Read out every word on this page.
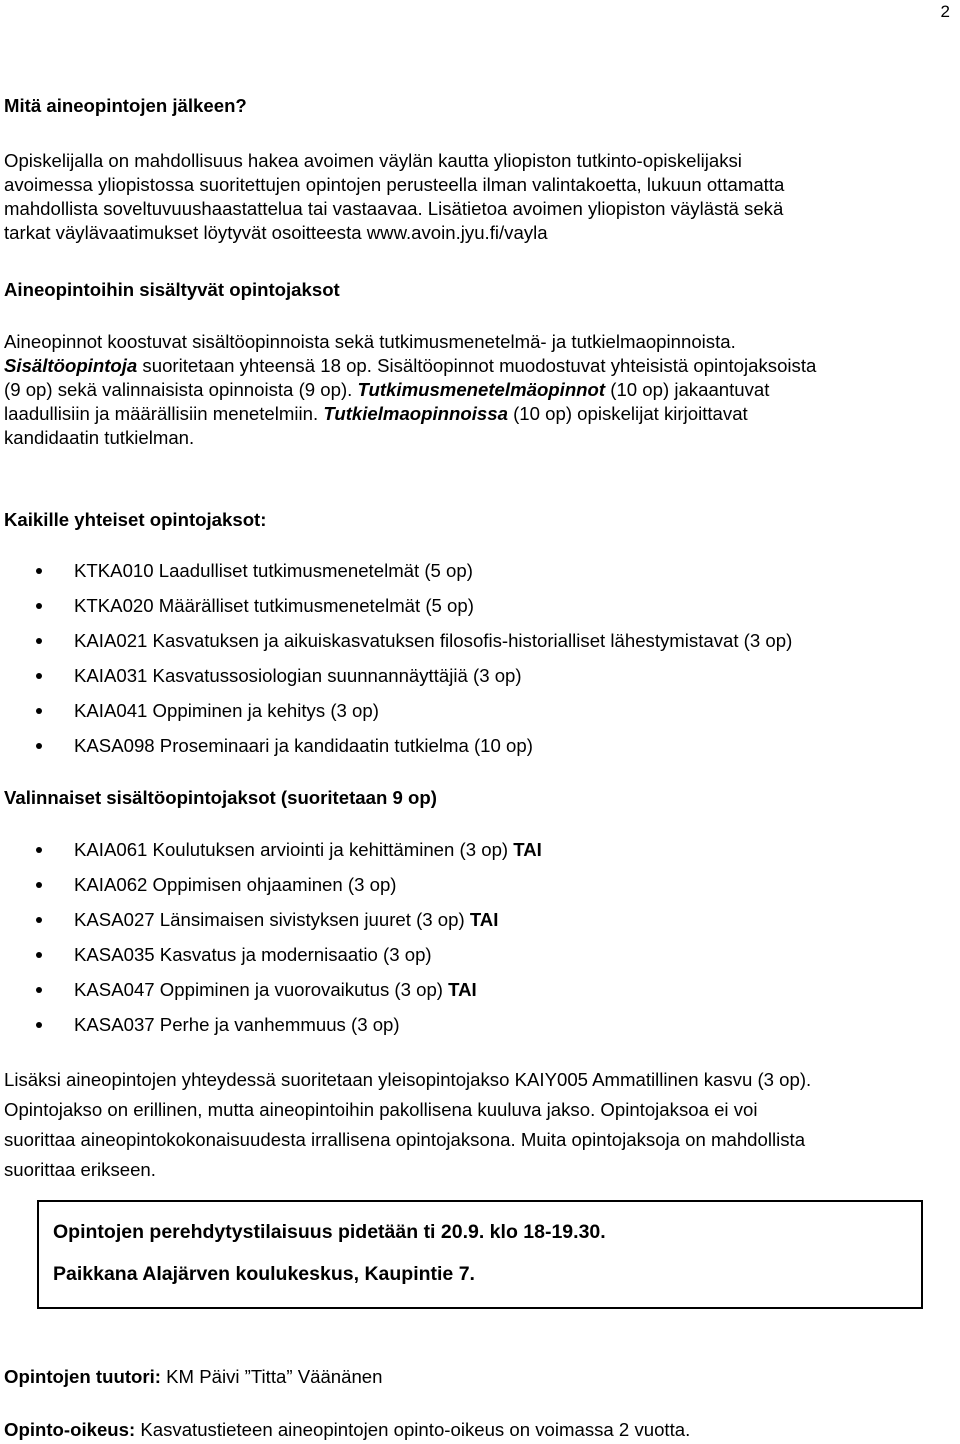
2
Mitä aineopintojen jälkeen?
Opiskelijalla on mahdollisuus hakea avoimen väylän kautta yliopiston tutkinto-opiskelijaksi
avoimessa yliopistossa suoritettujen opintojen perusteella ilman valintakoetta, lukuun ottamatta
mahdollista soveltuvuushaastattelua tai vastaavaa. Lisätietoa avoimen yliopiston väylästä sekä
tarkat väylävaatimukset löytyvät osoitteesta www.avoin.jyu.fi/vayla
Aineopintoihin sisältyvät opintojaksot
Aineopinnot koostuvat sisältöopinnoista sekä tutkimusmenetelmä- ja tutkielmaopinnoista.
Sisältöopintoja suoritetaan yhteensä 18 op. Sisältöopinnot muodostuvat yhteisistä opintojaksoista
(9 op) sekä valinnaisista opinnoista (9 op). Tutkimusmenetelmäopinnot (10 op) jakaantuvat
laadullisiin ja määrällisiin menetelmiin. Tutkielmaopinnoissa (10 op) opiskelijat kirjoittavat
kandidaatin tutkielman.
Kaikille yhteiset opintojaksot:
KTKA010 Laadulliset tutkimusmenetelmät (5 op)
KTKA020 Määrälliset tutkimusmenetelmät (5 op)
KAIA021 Kasvatuksen ja aikuiskasvatuksen filosofis-historialliset lähestymistavat (3 op)
KAIA031 Kasvatussosiologian suunnannäyttäjiä (3 op)
KAIA041 Oppiminen ja kehitys (3 op)
KASA098 Proseminaari ja kandidaatin tutkielma (10 op)
Valinnaiset sisältöopintojaksot (suoritetaan 9 op)
KAIA061 Koulutuksen arviointi ja kehittäminen (3 op) TAI
KAIA062 Oppimisen ohjaaminen (3 op)
KASA027 Länsimaisen sivistyksen juuret (3 op) TAI
KASA035 Kasvatus ja modernisaatio (3 op)
KASA047 Oppiminen ja vuorovaikutus (3 op) TAI
KASA037 Perhe ja vanhemmuus (3 op)
Lisäksi aineopintojen yhteydessä suoritetaan yleisopintojakso KAIY005 Ammatillinen kasvu (3 op).
Opintojakso on erillinen, mutta aineopintoihin pakollisena kuuluva jakso. Opintojaksoa ei voi
suorittaa aineopintokokonaisuudesta irrallisena opintojaksona. Muita opintojaksoja on mahdollista
suorittaa erikseen.
Opintojen perehdytystilaisuus pidetään ti 20.9. klo 18-19.30.
Paikkana Alajärven koulukeskus, Kaupintie 7.
Opintojen tuutori: KM Päivi ”Titta” Väänänen
Opinto-oikeus: Kasvatustieteen aineopintojen opinto-oikeus on voimassa 2 vuotta.
